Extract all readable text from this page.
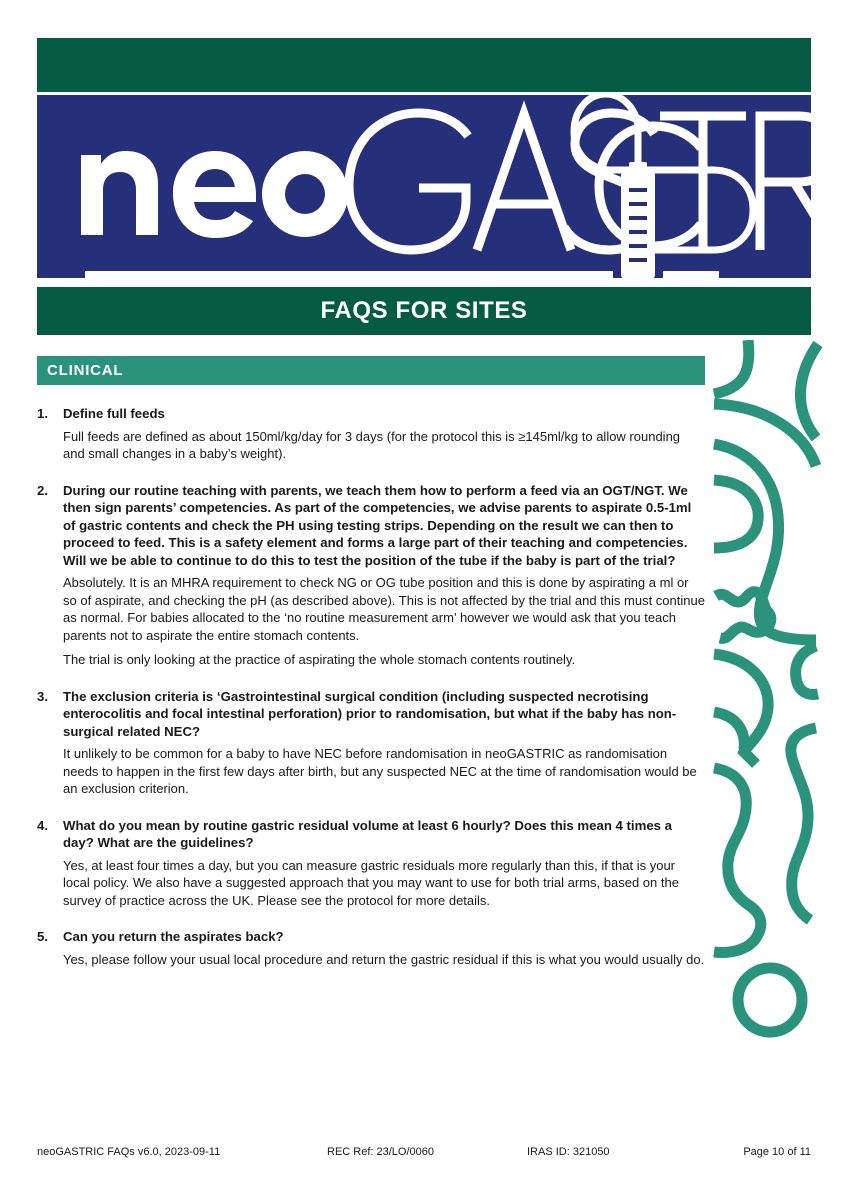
FAQS FOR SITES
CLINICAL
1.	Define full feeds
Full feeds are defined as about 150ml/kg/day for 3 days (for the protocol this is ≥145ml/kg to allow rounding and small changes in a baby’s weight).
2.	During our routine teaching with parents, we teach them how to perform a feed via an OGT/NGT. We then sign parents’ competencies. As part of the competencies, we advise parents to aspirate 0.5-1ml of gastric contents and check the PH using testing strips. Depending on the result we can then to proceed to feed. This is a safety element and forms a large part of their teaching and competencies. Will we be able to continue to do this to test the position of the tube if the baby is part of the trial?
Absolutely. It is an MHRA requirement to check NG or OG tube position and this is done by aspirating a ml or so of aspirate, and checking the pH (as described above). This is not affected by the trial and this must continue as normal. For babies allocated to the ‘no routine measurement arm’ however we would ask that you teach parents not to aspirate the entire stomach contents.
The trial is only looking at the practice of aspirating the whole stomach contents routinely.
3.	The exclusion criteria is ‘Gastrointestinal surgical condition (including suspected necrotising enterocolitis and focal intestinal perforation) prior to randomisation, but what if the baby has non-surgical related NEC?
It unlikely to be common for a baby to have NEC before randomisation in neoGASTRIC as randomisation needs to happen in the first few days after birth, but any suspected NEC at the time of randomisation would be an exclusion criterion.
4.	What do you mean by routine gastric residual volume at least 6 hourly? Does this mean 4 times a day? What are the guidelines?
Yes, at least four times a day, but you can measure gastric residuals more regularly than this, if that is your local policy. We also have a suggested approach that you may want to use for both trial arms, based on the survey of practice across the UK. Please see the protocol for more details.
5.	Can you return the aspirates back?
Yes, please follow your usual local procedure and return the gastric residual if this is what you would usually do.
neoGASTRIC FAQs v6.0, 2023-09-11	REC Ref: 23/LO/0060	IRAS ID: 321050	Page 10 of 11
